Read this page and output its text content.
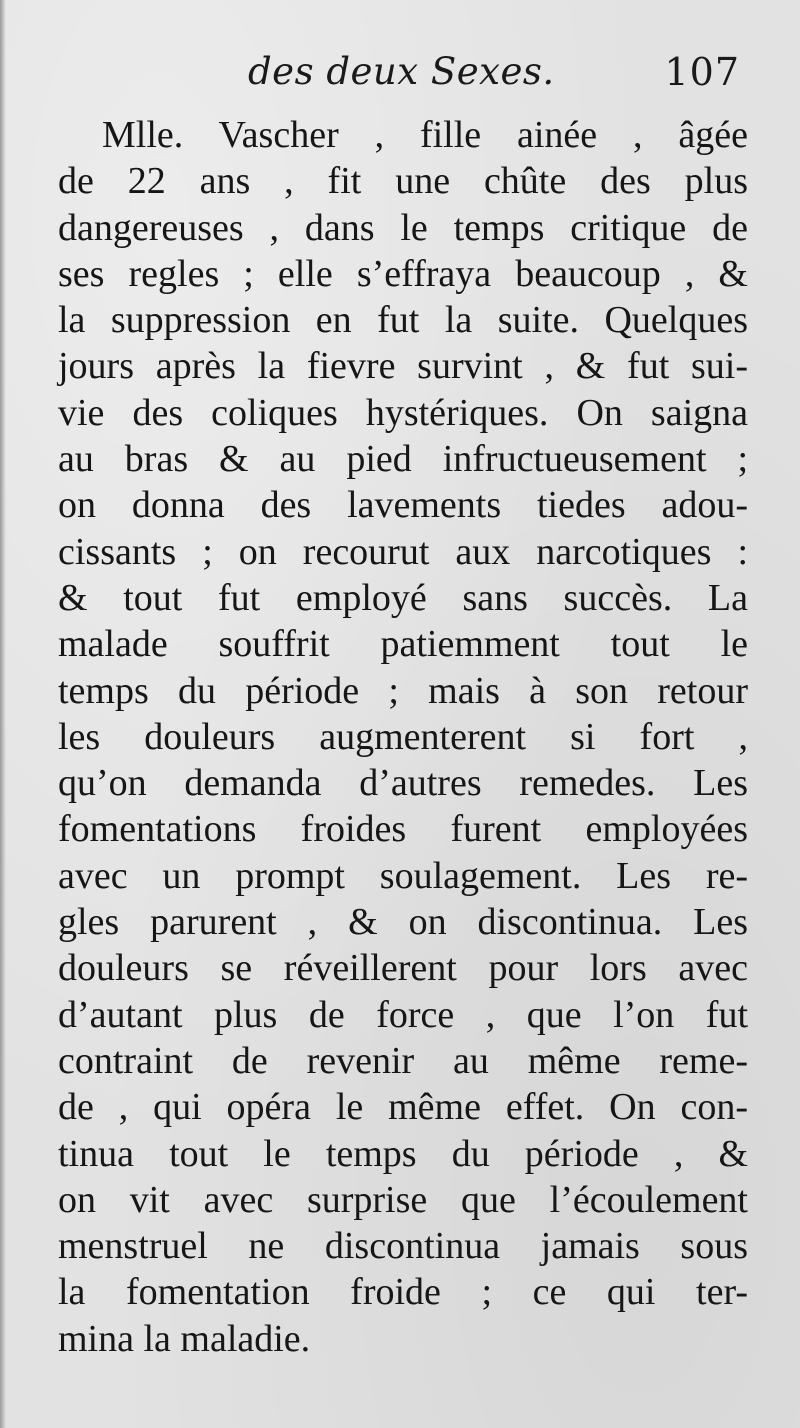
des deux Sexes.	107
Mlle. Vascher , fille ainée , âgée
de 22 ans , fit une chûte des plus
dangereuses , dans le temps critique de
ses regles ; elle s’effraya beaucoup , &
la suppression en fut la suite. Quelques
jours après la fievre survint , & fut sui-
vie des coliques hystériques. On saigna
au bras & au pied infructueusement ;
on donna des lavements tiedes adou-
cissants ; on recourut aux narcotiques :
& tout fut employé sans succès. La
malade souffrit patiemment tout le
temps du période ; mais à son retour
les douleurs augmenterent si fort ,
qu’on demanda d’autres remedes. Les
fomentations froides furent employées
avec un prompt soulagement. Les re-
gles parurent , & on discontinua. Les
douleurs se réveillerent pour lors avec
d’autant plus de force , que l’on fut
contraint de revenir au même reme-
de , qui opéra le même effet. On con-
tinua tout le temps du période , &
on vit avec surprise que l’écoulement
menstruel ne discontinua jamais sous
la fomentation froide ; ce qui ter-
mina la maladie.
